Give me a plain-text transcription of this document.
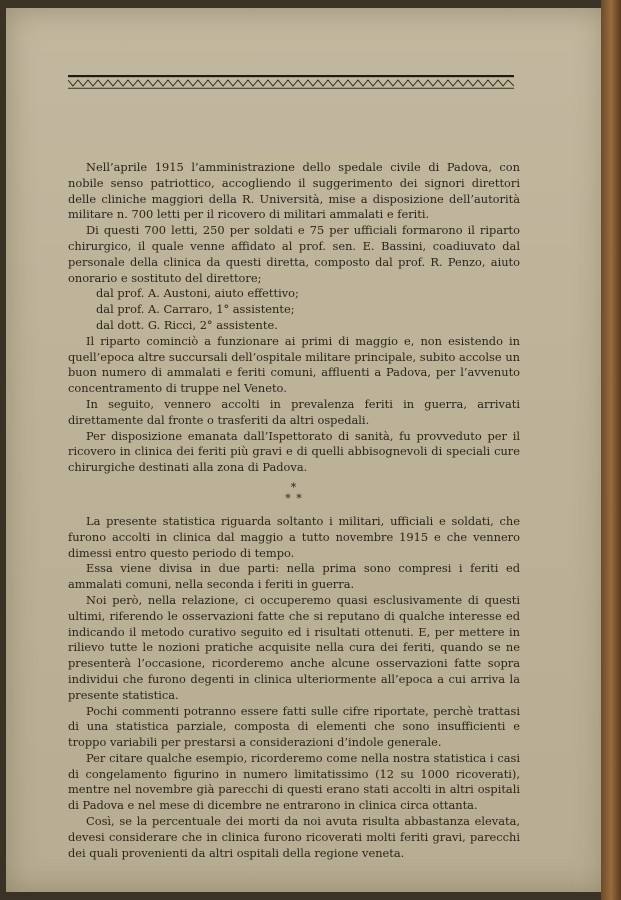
Nell’aprile 1915 l’amministrazione dello spedale civile di Padova, con nobile senso patriottico, accogliendo il suggerimento dei signori direttori delle cliniche maggiori della R. Università, mise a disposizione dell’autorità militare n. 700 letti per il ricovero di militari ammalati e feriti.

Di questi 700 letti, 250 per soldati e 75 per ufficiali formarono il riparto chirurgico, il quale venne affidato al prof. sen. E. Bassini, coadiuvato dal personale della clinica da questi diretta, composto dal prof. R. Penzo, aiuto onorario e sostituto del direttore;

dal prof. A. Austoni, aiuto effettivo;

dal prof. A. Carraro, 1° assistente;

dal dott. G. Ricci, 2° assistente.

Il riparto cominciò a funzionare ai primi di maggio e, non esistendo in quell’epoca altre succursali dell’ospitale militare principale, subito accolse un buon numero di ammalati e feriti comuni, affluenti a Padova, per l’avvenuto concentramento di truppe nel Veneto.

In seguito, vennero accolti in prevalenza feriti in guerra, arrivati direttamente dal fronte o trasferiti da altri ospedali.

Per disposizione emanata dall’Ispettorato di sanità, fu provveduto per il ricovero in clinica dei feriti più gravi e di quelli abbisognevoli di speciali cure chirurgiche destinati alla zona di Padova.

*
* *

La presente statistica riguarda soltanto i militari, ufficiali e soldati, che furono accolti in clinica dal maggio a tutto novembre 1915 e che vennero dimessi entro questo periodo di tempo.

Essa viene divisa in due parti: nella prima sono compresi i feriti ed ammalati comuni, nella seconda i feriti in guerra.

Noi però, nella relazione, ci occuperemo quasi esclusivamente di questi ultimi, riferendo le osservazioni fatte che si reputano di qualche interesse ed indicando il metodo curativo seguito ed i risultati ottenuti. E, per mettere in rilievo tutte le nozioni pratiche acquisite nella cura dei feriti, quando se ne presenterà l’occasione, ricorderemo anche alcune osservazioni fatte sopra individui che furono degenti in clinica ulteriormente all’epoca a cui arriva la presente statistica.

Pochi commenti potranno essere fatti sulle cifre riportate, perchè trattasi di una statistica parziale, composta di elementi che sono insufficienti e troppo variabili per prestarsi a considerazioni d’indole generale.

Per citare qualche esempio, ricorderemo come nella nostra statistica i casi di congelamento figurino in numero limitatissimo (12 su 1000 ricoverati), mentre nel novembre già parecchi di questi erano stati accolti in altri ospitali di Padova e nel mese di dicembre ne entrarono in clinica circa ottanta.

Così, se la percentuale dei morti da noi avuta risulta abbastanza elevata, devesi considerare che in clinica furono ricoverati molti feriti gravi, parecchi dei quali provenienti da altri ospitali della regione veneta.
